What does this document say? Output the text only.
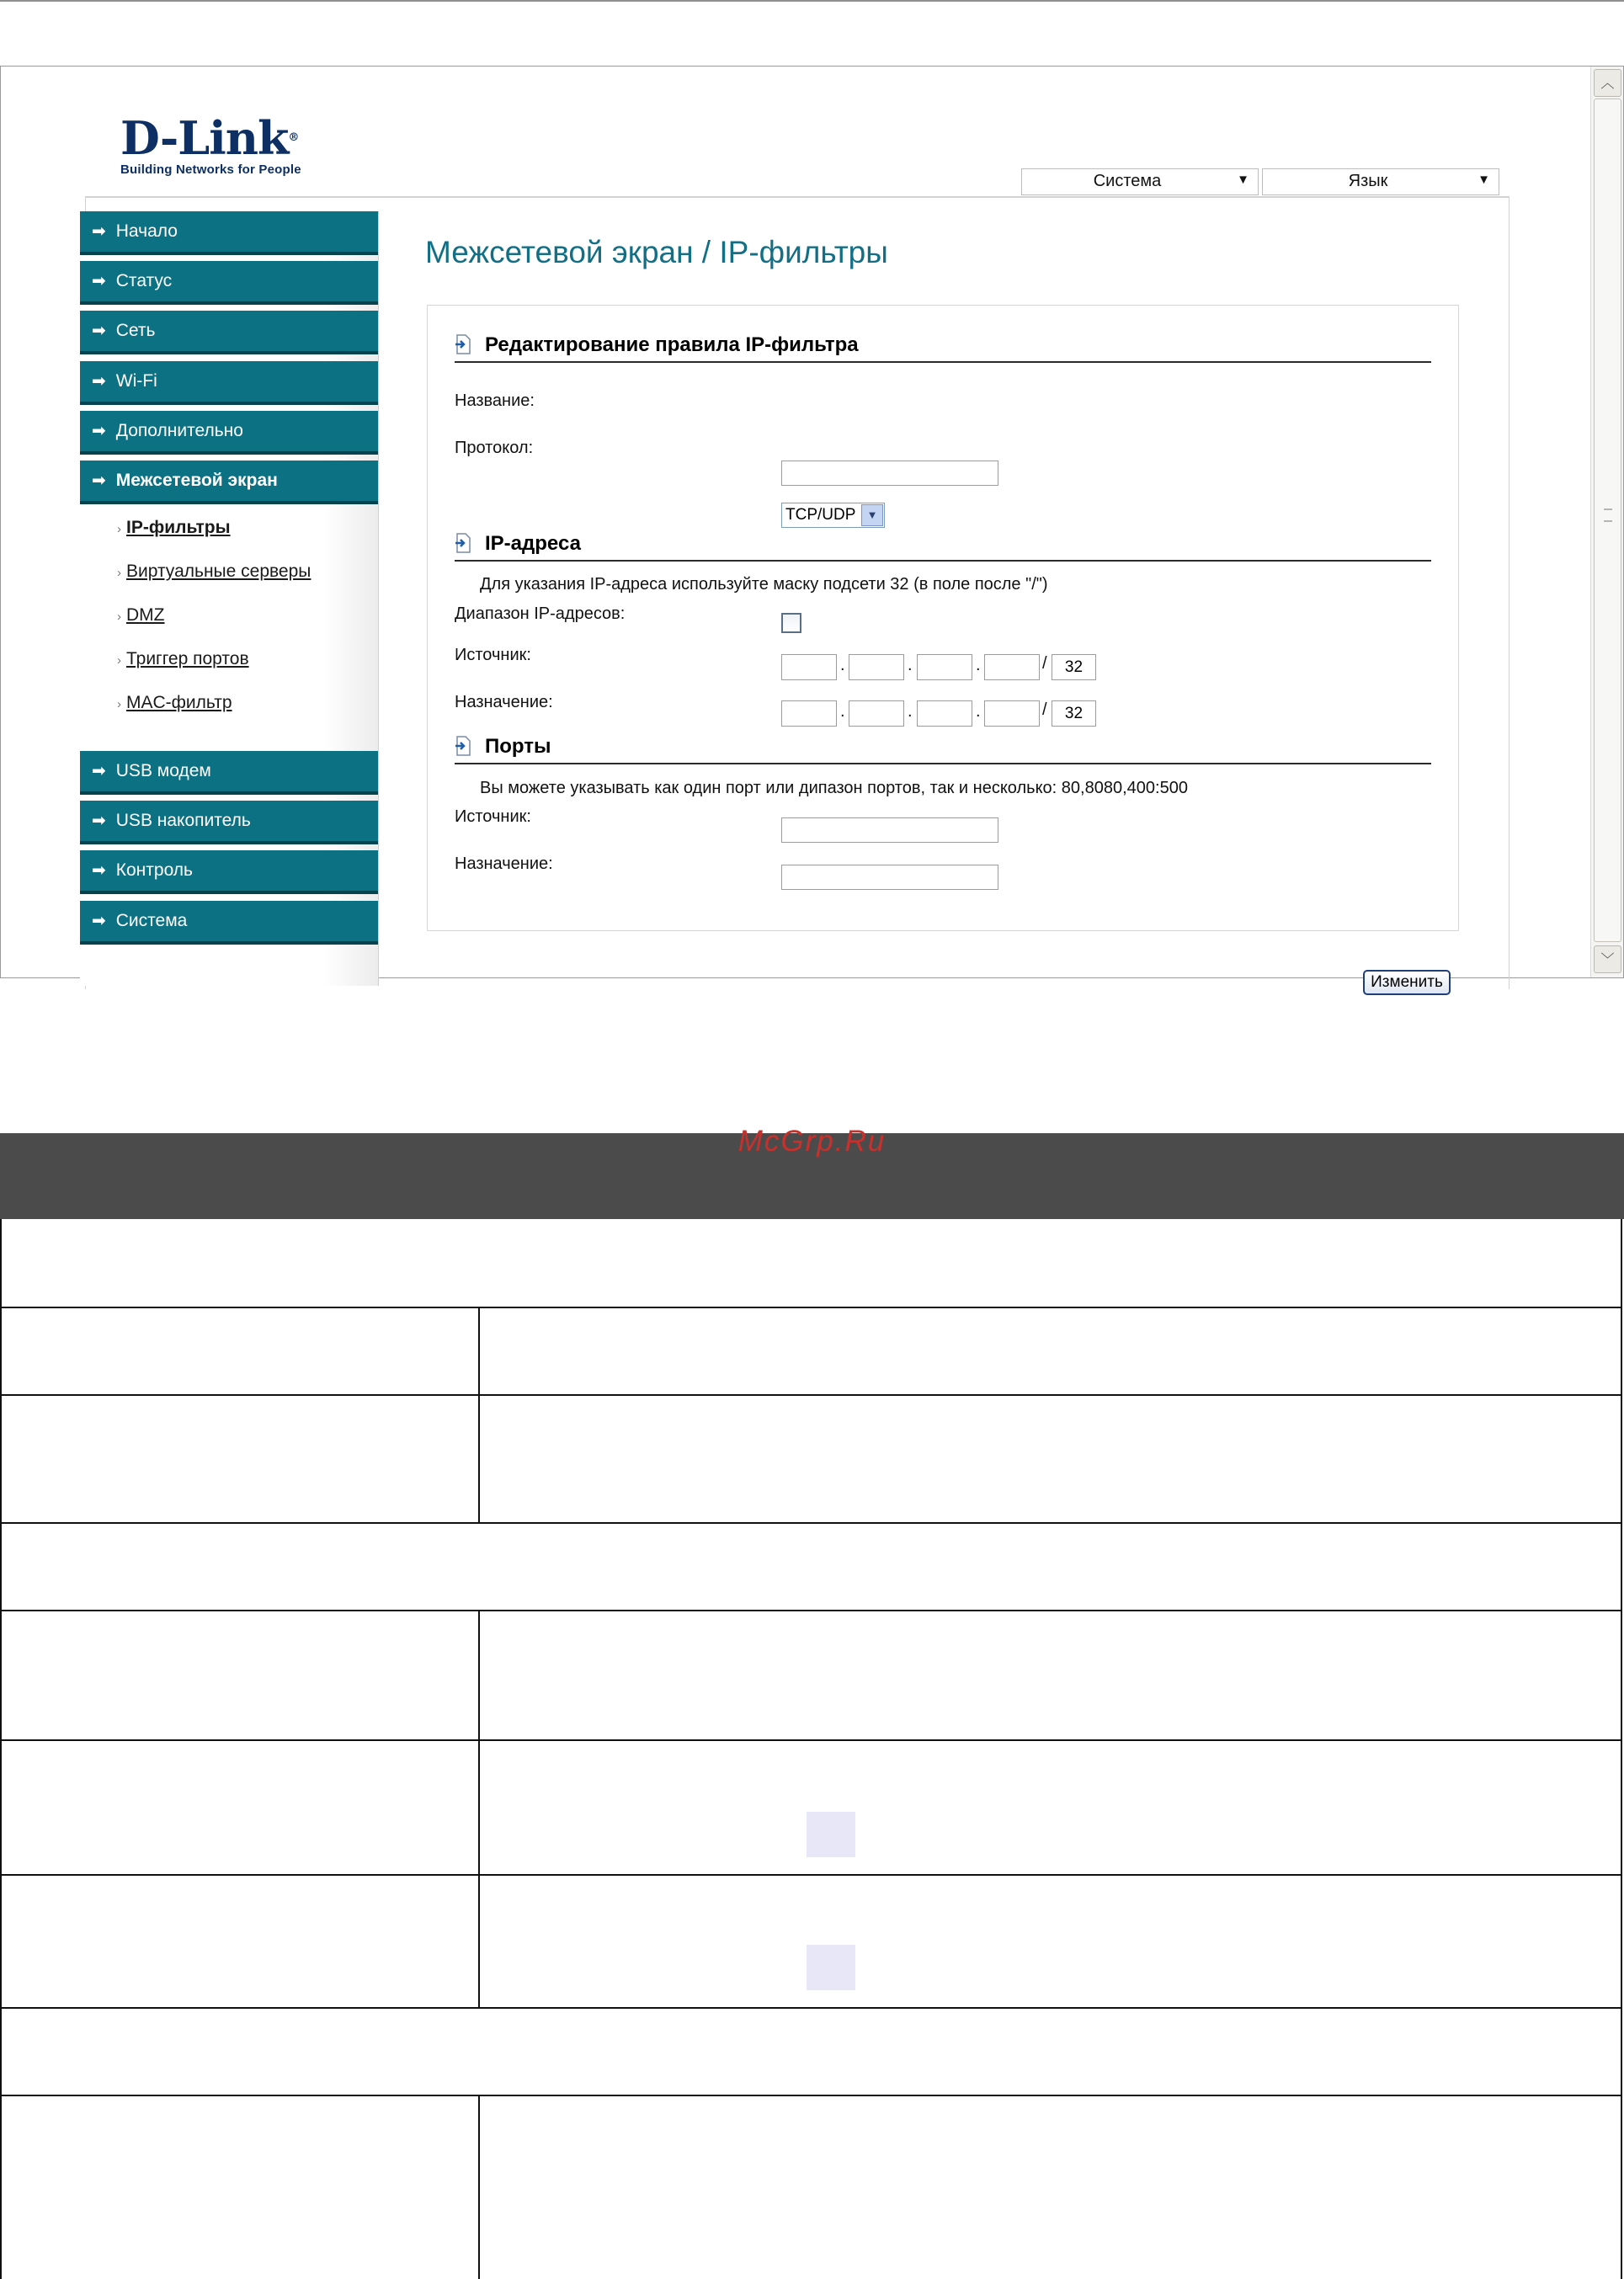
D-Link®
Building Networks for People
Система	▼	Язык	▼
➡ Начало
➡ Статус
➡ Сеть
➡ Wi-Fi
➡ Дополнительно
➡ Межсетевой экран
› IP-фильтры
› Виртуальные серверы
› DMZ
› Триггер портов
› MAC-фильтр
➡ USB модем
➡ USB накопитель
➡ Контроль
➡ Система
Межсетевой экран / IP-фильтры
Редактирование правила IP-фильтра
Название:
Протокол:
TCP/UDP	▼
IP-адреса
Для указания IP-адреса используйте маску подсети 32 (в поле после "/")
Диапазон IP-адресов:
Источник:
.	.	.	/	32
Назначение:	.	.	.	/	32
Порты
Вы можете указывать как один порт или дипазон портов, так и несколько: 80,8080,400:500
Источник:
Назначение:
Изменить
︿
﹀
McGrp.Ru
